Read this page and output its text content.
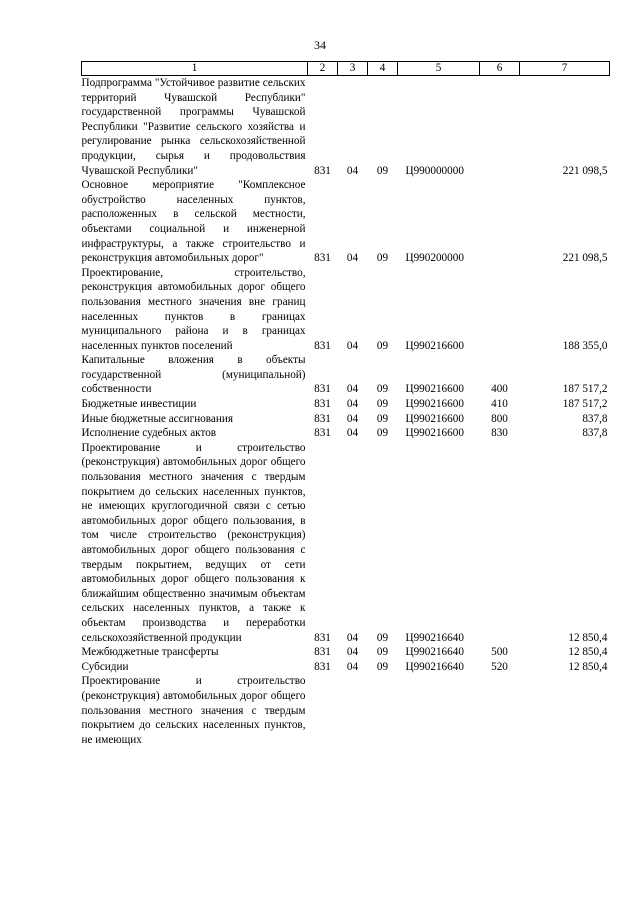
34
1	2	3	4	5	6	7
Подпрограмма "Устойчивое развитие сельских территорий Чувашской Республики" государственной программы Чувашской Республики "Развитие сельского хозяйства и регулирование рынка сельскохозяйственной продукции, сырья и продовольствия Чувашской Республики"	831	04	09	Ц990000000		221 098,5
Основное мероприятие "Комплексное обустройство населенных пунктов, расположенных в сельской местности, объектами социальной и инженерной инфраструктуры, а также строительство и реконструкция автомобильных дорог"	831	04	09	Ц990200000		221 098,5
Проектирование, строительство, реконструкция автомобильных дорог общего пользования местного значения вне границ населенных пунктов в границах муниципального района и в границах населенных пунктов поселений	831	04	09	Ц990216600		188 355,0
Капитальные вложения в объекты государственной (муниципальной) собственности	831	04	09	Ц990216600	400	187 517,2
Бюджетные инвестиции	831	04	09	Ц990216600	410	187 517,2
Иные бюджетные ассигнования	831	04	09	Ц990216600	800	837,8
Исполнение судебных актов	831	04	09	Ц990216600	830	837,8
Проектирование и строительство (реконструкция) автомобильных дорог общего пользования местного значения с твердым покрытием до сельских населенных пунктов, не имеющих круглогодичной связи с сетью автомобильных дорог общего пользования, в том числе строительство (реконструкция) автомобильных дорог общего пользования с твердым покрытием, ведущих от сети автомобильных дорог общего пользования к ближайшим общественно значимым объектам сельских населенных пунктов, а также к объектам производства и переработки сельскохозяйственной продукции	831	04	09	Ц990216640		12 850,4
Межбюджетные трансферты	831	04	09	Ц990216640	500	12 850,4
Субсидии	831	04	09	Ц990216640	520	12 850,4
Проектирование и строительство (реконструкция) автомобильных дорог общего пользования местного значения с твердым покрытием до сельских населенных пунктов, не имеющих						
